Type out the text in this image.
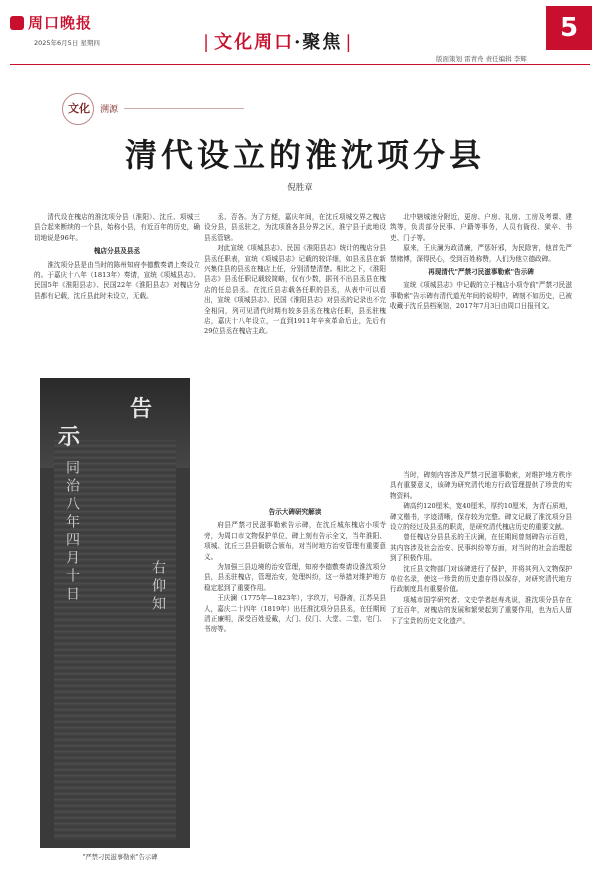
周口晚报
2025年6月5日 星期四	| 文化周口·聚焦 |	5
版面策划 雷青舟 责任编辑 李辉
文化 溯源
清代设立的淮沈项分县
倪胜章

清代设在槐店的淮沈项分县（淮阳）、沈丘、项城三县合起来断续的一个县，始称小县，有近百年的历史，确切地说是96年。

槐店分县及县丞

淮沈项分县是由当时的陈州知府李德敷奏请上奏设立的。于嘉庆十八年（1813年）奏请，宣统《项城县志》、民国5年《淮阳县志》、民国22年《淮阳县志》对槐店分县都有记载，沈丘县此时未设立，无载。

丞、否各。为了方便，嘉庆年间，在沈丘项城交界之槐店设分县，县丞驻之，为沈项淮各县分界之区，淮宁县于此地设县丞管辖。

对此宣统《项城县志》、民国《淮阳县志》统计的槐店分县县丞任职表，宣统《项城县志》记载的较详细，如县丞县在新兴集住县的县丞在槐店上任，分别清楚清楚。相比之下，《淮阳县志》县丞任职记载较简略，仅有少数，据刊不出县丞县在槐店的任总县丞。在沈丘县志载各任职的县丞，从表中可以看出，宣统《项城县志》、民国《淮阳县志》对县丞的记录也不完全相同，列可见清代时期有较多县丞在槐店任职，县丞驻槐店，嘉庆十八年设立，一直到1911年辛亥革命后止，先后有29位县丞在槐店主政。

北中辖城池分附近，更房、户房、礼房、工房及考课、建筑等，负责部分民事、户籍等事务，人员有衙役、狱卒、书吏、门子等。

原来，王庆澜为政清廉，严惩奸邪，为民除害，他首先严禁赌博，深得民心，受到百姓称赞，人们为他立德政碑。

再现清代"严禁刁民滋事勒索"告示碑

宣统《项城县志》中记载的立于槐店小项寺前"严禁刁民滋事勒索"告示碑有清代道光年间的说明中，碑刻不如历史，已被收藏于沈丘县档案馆，2017年7月3日由周口日报刊文。

告示大碑研究解读

府县严禁刁民滋事勒索告示碑，在沈丘城东槐店小项寺旁，为周口市文物保护单位，碑上刻有告示全文，当年淮阳、项城、沈丘三县县衙联合颁布，对当时地方治安管理有重要意义。

为加强三县边境的治安管理，知府李德敷奏请设淮沈项分县，县丞驻槐店，管理治安，处理纠纷，这一举措对维护地方稳定起到了重要作用。

王庆澜（1775年—1823年），字玖万，号静斋，江苏吴县人，嘉庆二十四年（1819年）出任淮沈项分县县丞，在任期间清正廉明，深受百姓爱戴，大门、仪门、大堂、二堂、宅门、书房等。

当时，碑刻内容涉及严禁刁民滋事勒索，对维护地方秩序具有重要意义，该碑为研究清代地方行政管理提供了珍贵的实物资料。

碑高约120厘米，宽40厘米，厚约10厘米，为青石质地，碑文楷书，字迹清晰，保存较为完整。碑文记载了淮沈项分县设立的经过及县丞的职责，是研究清代槐店历史的重要文献。

曾任槐店分县县丞的王庆澜，在任期间曾刻碑告示百姓，其内容涉及社会治安、民事纠纷等方面，对当时的社会治理起到了积极作用。

沈丘县文物部门对该碑进行了保护，并将其列入文物保护单位名录，使这一珍贵的历史遗存得以保存，对研究清代地方行政制度具有重要价值。

项城市国学研究者、文史学者赵寿兆说，淮沈项分县存在了近百年，对槐店的发展和繁荣起到了重要作用，也为后人留下了宝贵的历史文化遗产。

告
示
同治八年四月十日	右仰知
"严禁刁民滋事勒索"告示碑
